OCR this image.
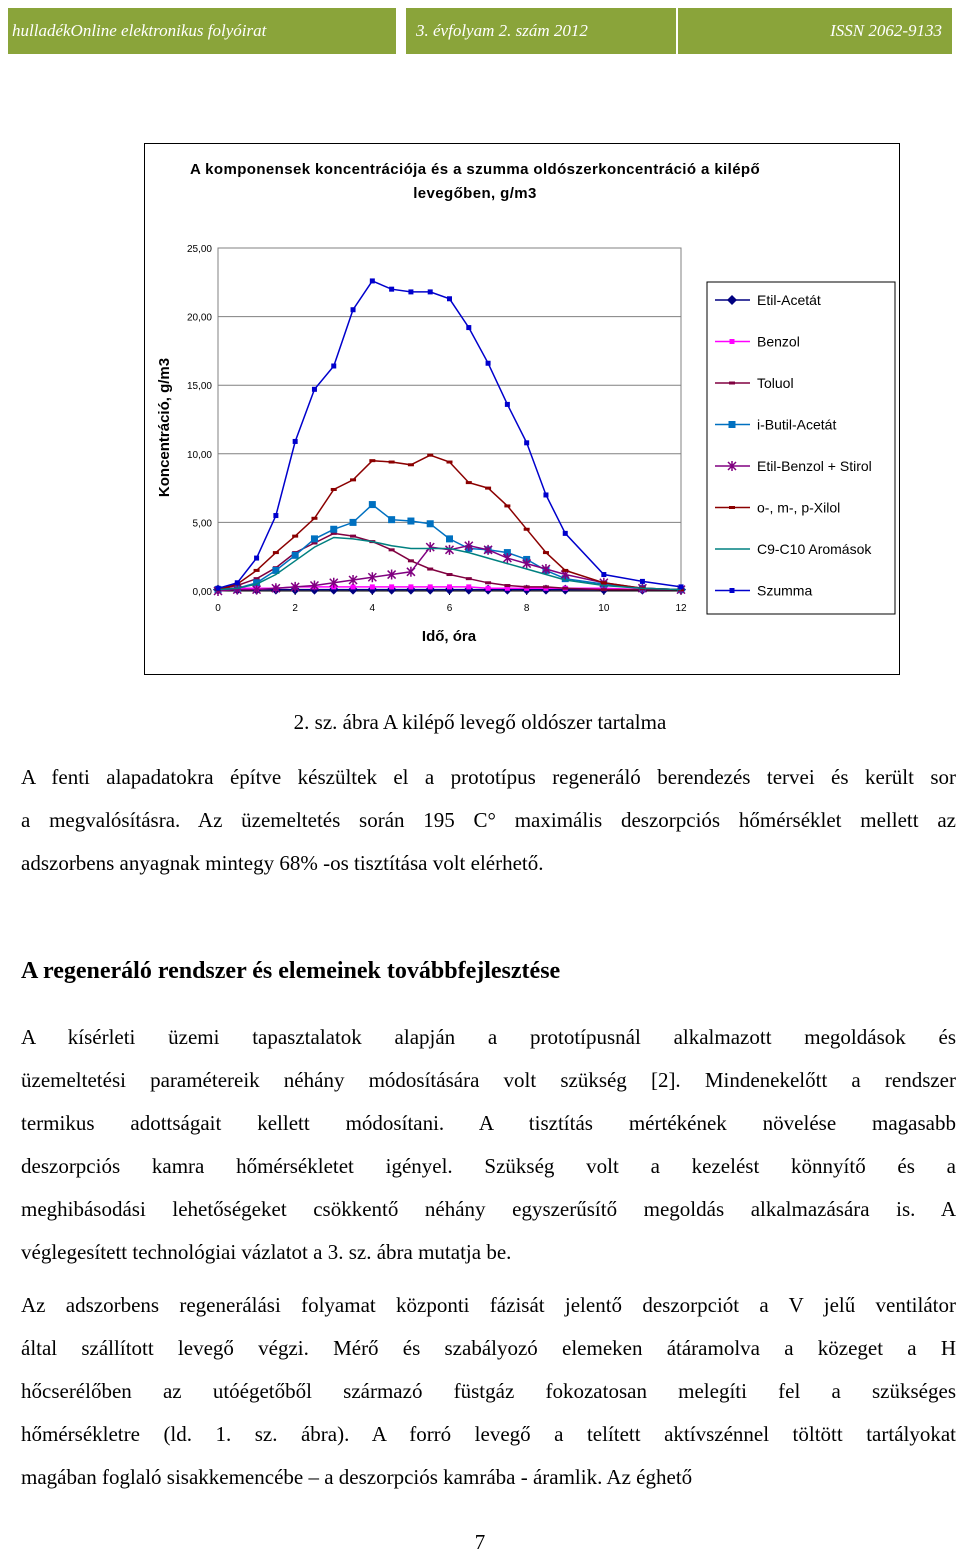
hulladékOnline elektronikus folyóirat	3. évfolyam 2. szám 2012	ISSN 2062-9133
A komponensek koncentrációja és a szumma oldószerkoncentráció a kilépő
levegőben, g/m3
0,00
5,00
10,00
15,00
20,00
25,00
0	2	4	6	8	10	12
Idő, óra
Koncentráció, g/m3
Etil-Acetát
Benzol
Toluol
i-Butil-Acetát
Etil-Benzol + Stirol
o-, m-, p-Xilol
C9-C10 Aromások
Szumma
2. sz. ábra A kilépő levegő oldószer tartalma
A fenti alapadatokra építve készültek el a prototípus regeneráló berendezés tervei és került sor
a megvalósításra. Az üzemeltetés során 195 C° maximális deszorpciós hőmérséklet mellett az
adszorbens anyagnak mintegy 68% -os tisztítása volt elérhető.
A regeneráló rendszer és elemeinek továbbfejlesztése
A kísérleti üzemi tapasztalatok alapján a prototípusnál alkalmazott megoldások és
üzemeltetési paramétereik néhány módosítására volt szükség [2]. Mindenekelőtt a rendszer
termikus adottságait kellett módosítani. A tisztítás mértékének növelése magasabb
deszorpciós kamra hőmérsékletet igényel. Szükség volt a kezelést könnyítő és a
meghibásodási lehetőségeket csökkentő néhány egyszerűsítő megoldás alkalmazására is. A
véglegesített technológiai vázlatot a 3. sz. ábra mutatja be.
Az adszorbens regenerálási folyamat központi fázisát jelentő deszorpciót a V jelű ventilátor
által szállított levegő végzi. Mérő és szabályozó elemeken átáramolva a közeget a H
hőcserélőben az utóégetőből származó füstgáz fokozatosan melegíti fel a szükséges
hőmérsékletre (ld. 1. sz. ábra). A forró levegő a telített aktívszénnel töltött tartályokat
magában foglaló sisakkemencébe – a deszorpciós kamrába - áramlik. Az éghető
7
